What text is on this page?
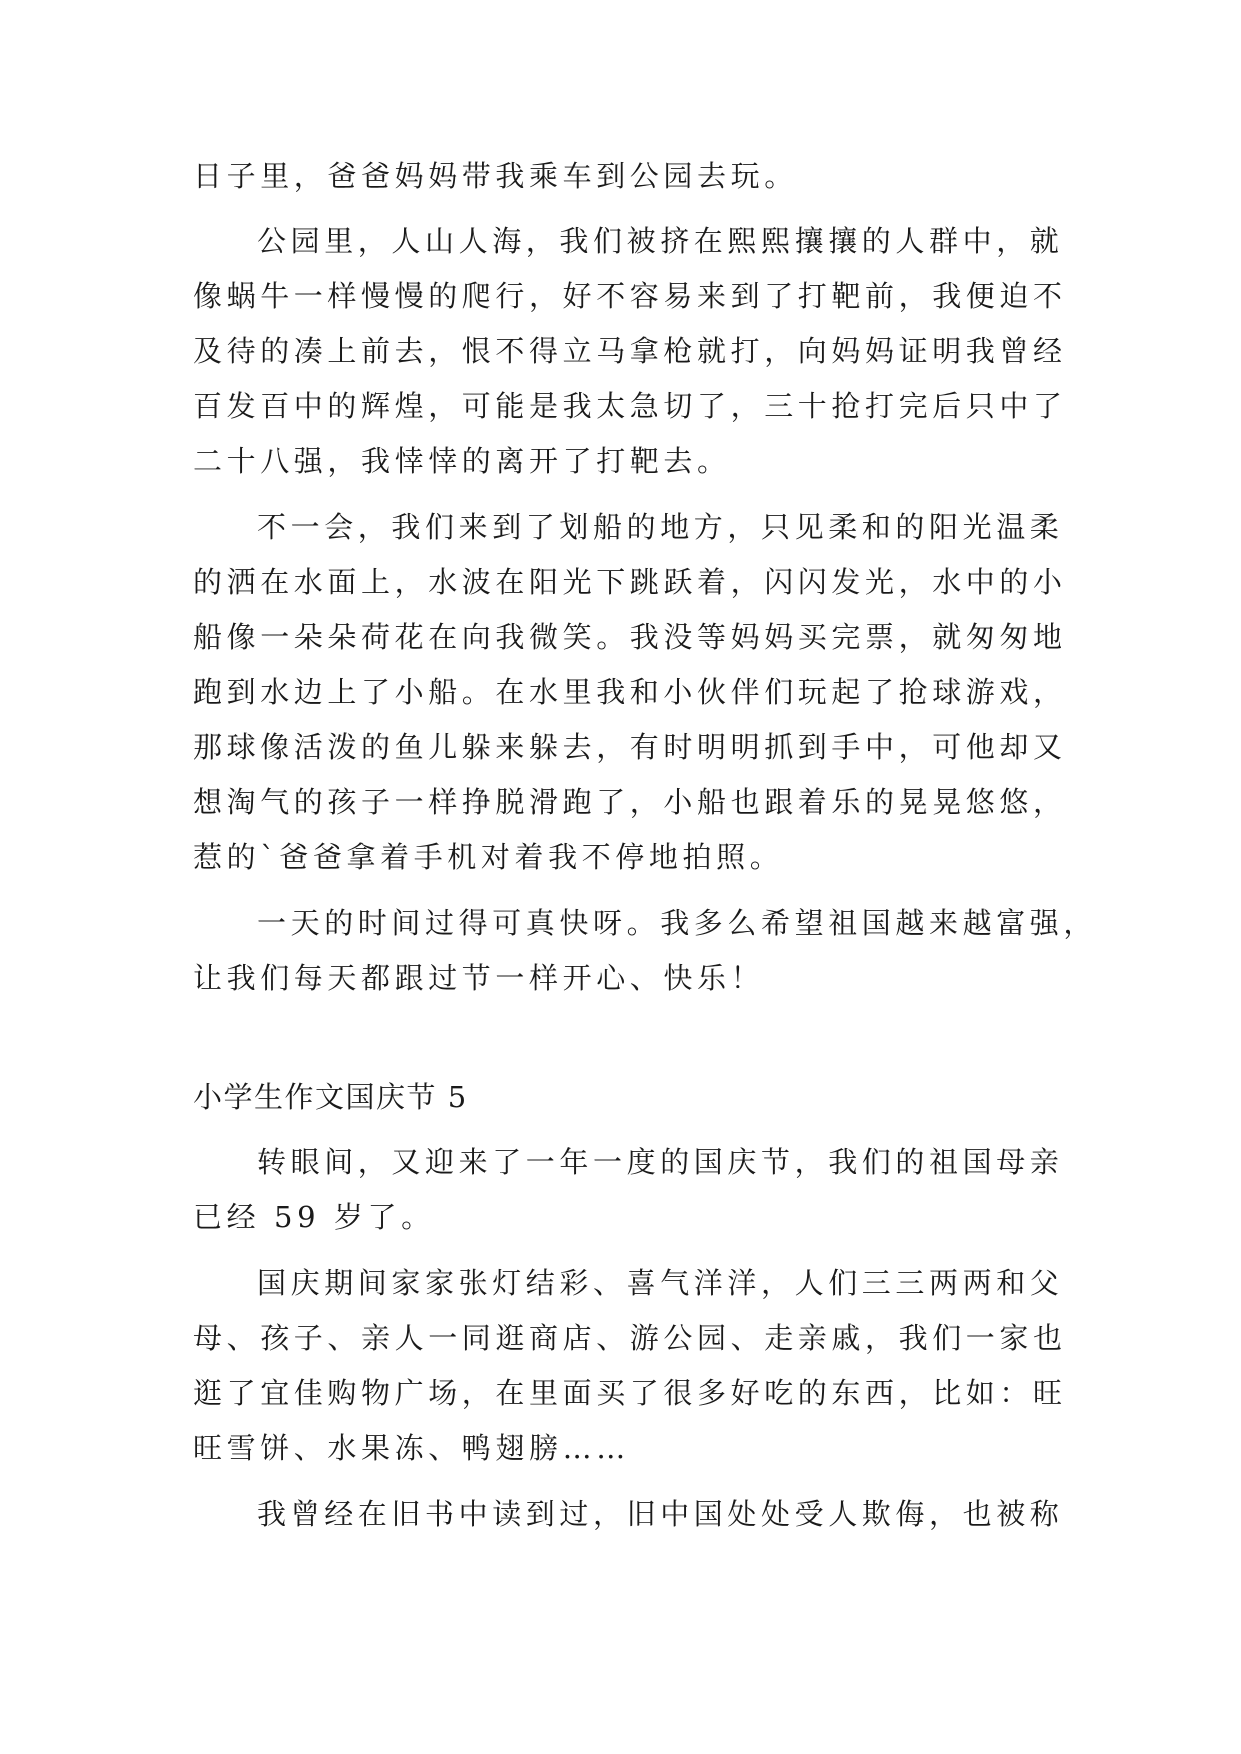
日子里，爸爸妈妈带我乘车到公园去玩。
公园里，人山人海，我们被挤在熙熙攘攘的人群中，就
像蜗牛一样慢慢的爬行，好不容易来到了打靶前，我便迫不
及待的凑上前去，恨不得立马拿枪就打，向妈妈证明我曾经
百发百中的辉煌，可能是我太急切了，三十抢打完后只中了
二十八强，我悻悻的离开了打靶去。
不一会，我们来到了划船的地方，只见柔和的阳光温柔
的洒在水面上，水波在阳光下跳跃着，闪闪发光，水中的小
船像一朵朵荷花在向我微笑。我没等妈妈买完票，就匆匆地
跑到水边上了小船。在水里我和小伙伴们玩起了抢球游戏，
那球像活泼的鱼儿躲来躲去，有时明明抓到手中，可他却又
想淘气的孩子一样挣脱滑跑了，小船也跟着乐的晃晃悠悠，
惹的`爸爸拿着手机对着我不停地拍照。
一天的时间过得可真快呀。我多么希望祖国越来越富强，
让我们每天都跟过节一样开心、快乐！
小学生作文国庆节 5
转眼间，又迎来了一年一度的国庆节，我们的祖国母亲
已经 59 岁了。
国庆期间家家张灯结彩、喜气洋洋，人们三三两两和父
母、孩子、亲人一同逛商店、游公园、走亲戚，我们一家也
逛了宜佳购物广场，在里面买了很多好吃的东西，比如：旺
旺雪饼、水果冻、鸭翅膀……
我曾经在旧书中读到过，旧中国处处受人欺侮，也被称
